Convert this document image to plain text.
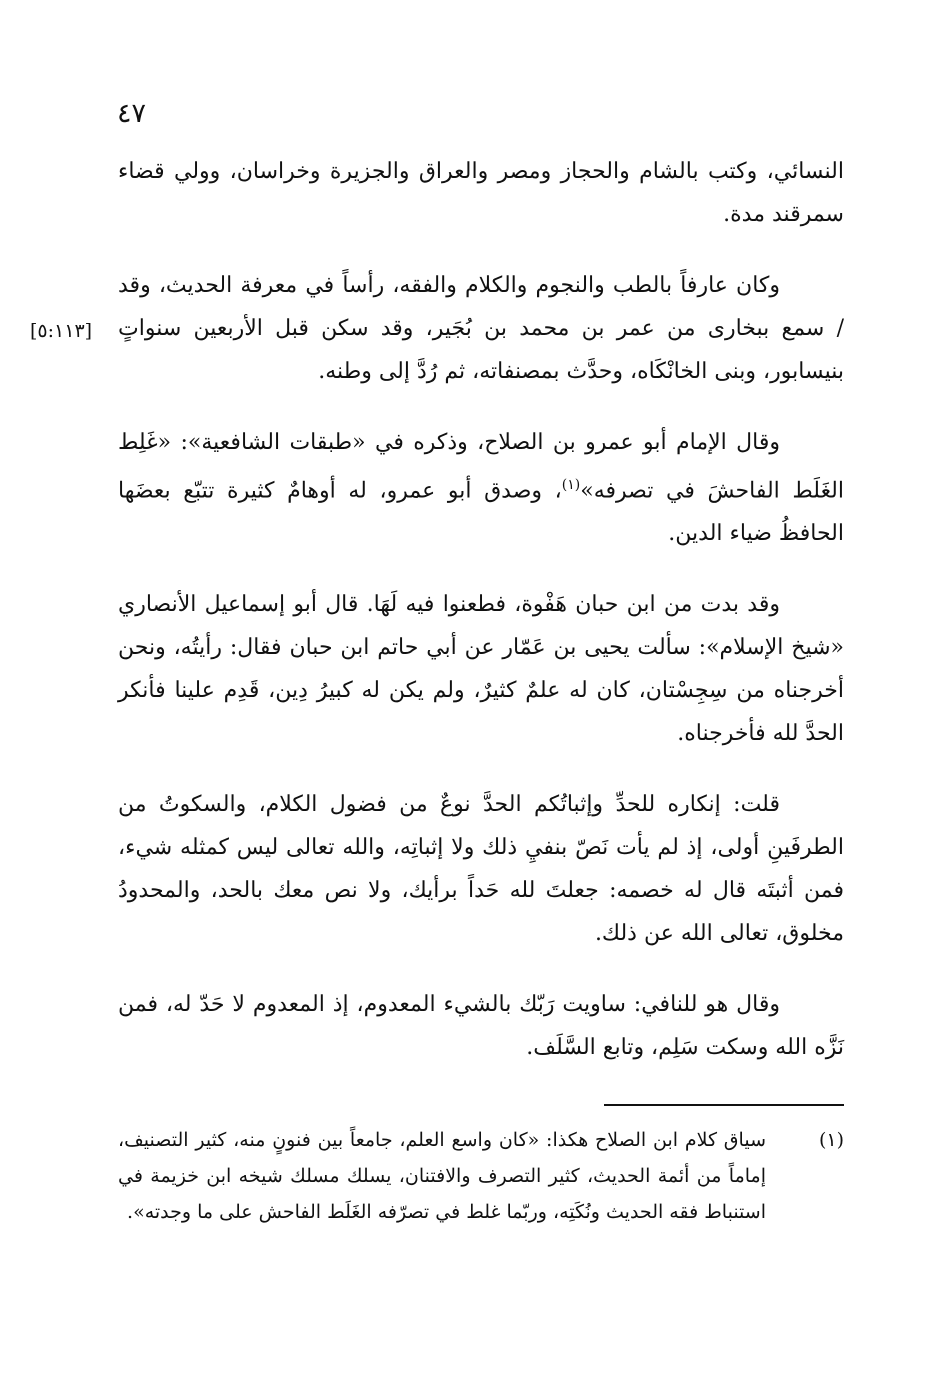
٤٧
[٥:١١٣]

النسائي، وكتب بالشام والحجاز ومصر والعراق والجزيرة وخراسان، وولي قضاء سمرقند مدة.

وكان عارفاً بالطب والنجوم والكلام والفقه، رأساً في معرفة الحديث، وقد / سمع ببخارى من عمر بن محمد بن بُجَير، وقد سكن قبل الأربعين سنواتٍ بنيسابور، وبنى الخانْكَاه، وحدَّث بمصنفاته، ثم رُدَّ إلى وطنه.

وقال الإمام أبو عمرو بن الصلاح، وذكره في «طبقات الشافعية»: «غَلِط الغَلَط الفاحشَ في تصرفه»$^{(١)}$، وصدق أبو عمرو، له أوهامٌ كثيرة تتبّع بعضَها الحافظُ ضياء الدين.

وقد بدت من ابن حبان هَفْوة، فطعنوا فيه لَهَا. قال أبو إسماعيل الأنصاري «شيخ الإسلام»: سألت يحيى بن عَمّار عن أبي حاتم ابن حبان فقال: رأيتُه، ونحن أخرجناه من سِجِسْتان، كان له علمٌ كثيرٌ، ولم يكن له كبيرُ دِين، قَدِم علينا فأنكر الحدَّ لله فأخرجناه.

قلت: إنكاره للحدِّ وإثباتُكم الحدَّ نوعٌ من فضول الكلام، والسكوتُ من الطرفَينِ أولى، إذ لم يأت نَصّ بنفيِ ذلك ولا إثباتِه، والله تعالى ليس كمثله شيء، فمن أثبتَه قال له خصمه: جعلتَ لله حَداً برأيك، ولا نص معك بالحد، والمحدودُ مخلوق، تعالى الله عن ذلك.

وقال هو للنافي: ساويت رَبّك بالشيء المعدوم، إذ المعدوم لا حَدّ له، فمن نَزَّه الله وسكت سَلِم، وتابع السَّلَف.

(١)
سياق كلام ابن الصلاح هكذا: «كان واسع العلم، جامعاً بين فنونٍ منه، كثير التصنيف، إماماً من أئمة الحديث، كثير التصرف والافتنان، يسلك مسلك شيخه ابن خزيمة في استنباط فقه الحديث ونُكَتِه، وربّما غلط في تصرّفه الغَلَط الفاحش على ما وجدته».
